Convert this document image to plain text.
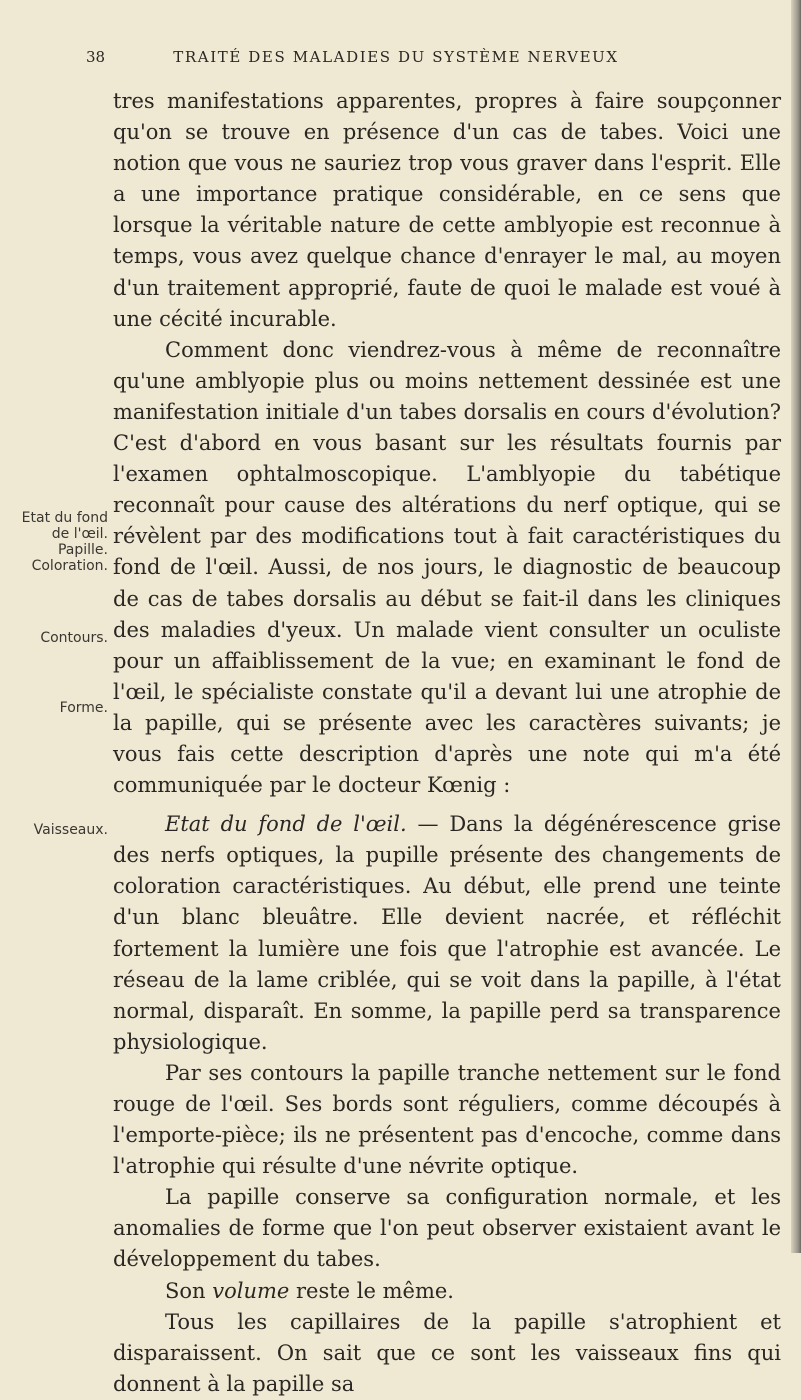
38	TRAITÉ DES MALADIES DU SYSTÈME NERVEUX
Etat du fond de l'œil. Papille. Coloration.
Contours.
Forme.
Vaisseaux.

tres manifestations apparentes, propres à faire soupçonner qu'on se trouve en présence d'un cas de tabes. Voici une notion que vous ne sauriez trop vous graver dans l'esprit. Elle a une importance pratique considérable, en ce sens que lorsque la véritable nature de cette amblyopie est reconnue à temps, vous avez quelque chance d'enrayer le mal, au moyen d'un traitement approprié, faute de quoi le malade est voué à une cécité incurable.

Comment donc viendrez-vous à même de reconnaître qu'une amblyopie plus ou moins nettement dessinée est une manifestation initiale d'un tabes dorsalis en cours d'évolution? C'est d'abord en vous basant sur les résultats fournis par l'examen ophtalmoscopique. L'amblyopie du tabétique reconnaît pour cause des altérations du nerf optique, qui se révèlent par des modifications tout à fait caractéristiques du fond de l'œil. Aussi, de nos jours, le diagnostic de beaucoup de cas de tabes dorsalis au début se fait-il dans les cliniques des maladies d'yeux. Un malade vient consulter un oculiste pour un affaiblissement de la vue; en examinant le fond de l'œil, le spécialiste constate qu'il a devant lui une atrophie de la papille, qui se présente avec les caractères suivants; je vous fais cette description d'après une note qui m'a été communiquée par le docteur Kœnig :

Etat du fond de l'œil. — Dans la dégénérescence grise des nerfs optiques, la pupille présente des changements de coloration caractéristiques. Au début, elle prend une teinte d'un blanc bleuâtre. Elle devient nacrée, et réfléchit fortement la lumière une fois que l'atrophie est avancée. Le réseau de la lame criblée, qui se voit dans la papille, à l'état normal, disparaît. En somme, la papille perd sa transparence physiologique.

Par ses contours la papille tranche nettement sur le fond rouge de l'œil. Ses bords sont réguliers, comme découpés à l'emporte-pièce; ils ne présentent pas d'encoche, comme dans l'atrophie qui résulte d'une névrite optique.

La papille conserve sa configuration normale, et les anomalies de forme que l'on peut observer existaient avant le développement du tabes.

Son volume reste le même.

Tous les capillaires de la papille s'atrophient et disparaissent. On sait que ce sont les vaisseaux fins qui donnent à la papille sa
